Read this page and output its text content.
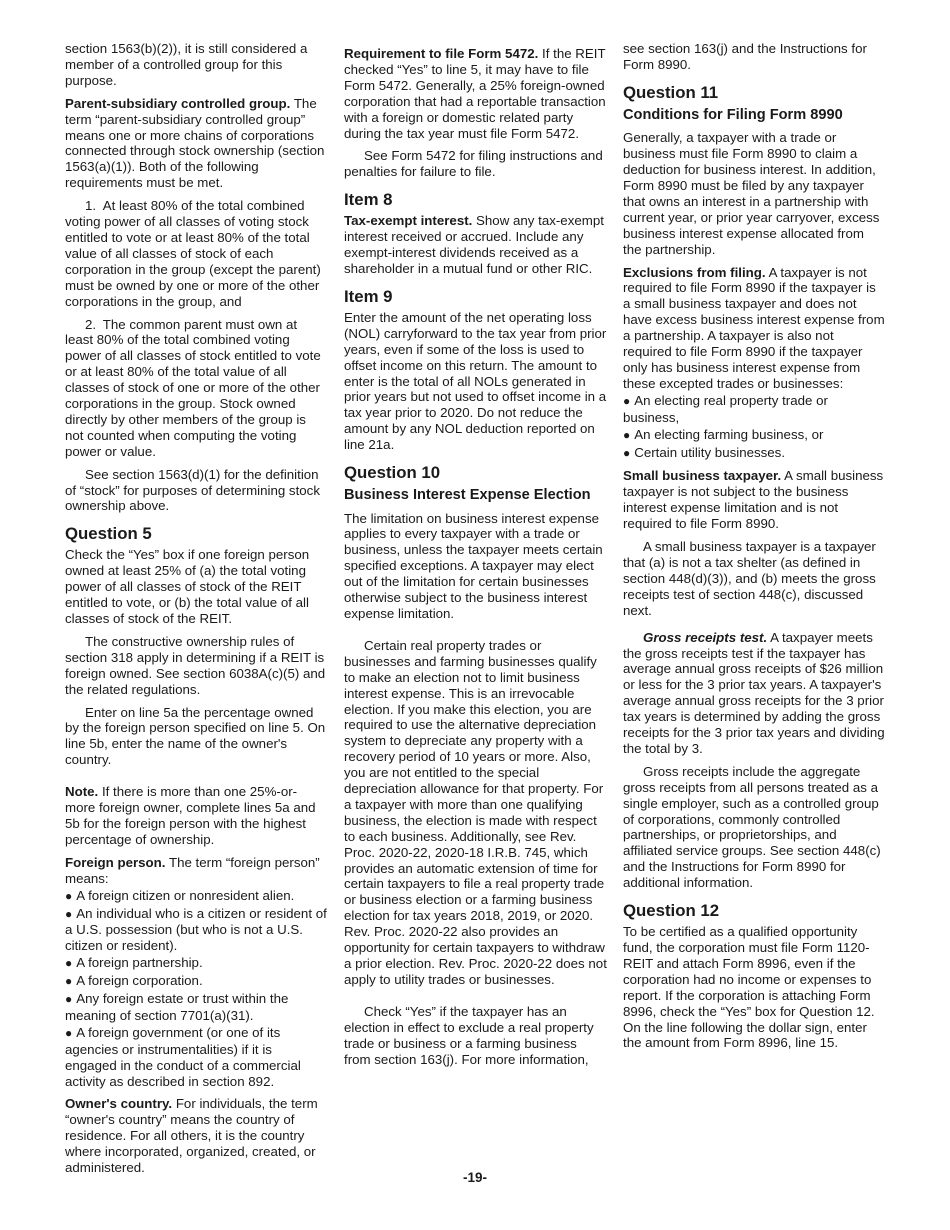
section 1563(b)(2)), it is still considered a member of a controlled group for this purpose.

Parent-subsidiary controlled group. The term “parent-subsidiary controlled group” means one or more chains of corporations connected through stock ownership (section 1563(a)(1)). Both of the following requirements must be met.

1. At least 80% of the total combined voting power of all classes of voting stock entitled to vote or at least 80% of the total value of all classes of stock of each corporation in the group (except the parent) must be owned by one or more of the other corporations in the group, and

2. The common parent must own at least 80% of the total combined voting power of all classes of stock entitled to vote or at least 80% of the total value of all classes of stock of one or more of the other corporations in the group. Stock owned directly by other members of the group is not counted when computing the voting power or value.

See section 1563(d)(1) for the definition of “stock” for purposes of determining stock ownership above.

Question 5

Check the “Yes” box if one foreign person owned at least 25% of (a) the total voting power of all classes of stock of the REIT entitled to vote, or (b) the total value of all classes of stock of the REIT.

The constructive ownership rules of section 318 apply in determining if a REIT is foreign owned. See section 6038A(c)(5) and the related regulations.

Enter on line 5a the percentage owned by the foreign person specified on line 5. On line 5b, enter the name of the owner's country.

Note. If there is more than one 25%-or-more foreign owner, complete lines 5a and 5b for the foreign person with the highest percentage of ownership.

Foreign person. The term “foreign person” means:

● A foreign citizen or nonresident alien.
● An individual who is a citizen or resident of a U.S. possession (but who is not a U.S. citizen or resident).
● A foreign partnership.
● A foreign corporation.
● Any foreign estate or trust within the meaning of section 7701(a)(31).
● A foreign government (or one of its agencies or instrumentalities) if it is engaged in the conduct of a commercial activity as described in section 892.

Owner's country. For individuals, the term “owner's country” means the country of residence. For all others, it is the country where incorporated, organized, created, or administered.

Requirement to file Form 5472. If the REIT checked “Yes” to line 5, it may have to file Form 5472. Generally, a 25% foreign-owned corporation that had a reportable transaction with a foreign or domestic related party during the tax year must file Form 5472.

See Form 5472 for filing instructions and penalties for failure to file.

Item 8

Tax-exempt interest. Show any tax-exempt interest received or accrued. Include any exempt-interest dividends received as a shareholder in a mutual fund or other RIC.

Item 9

Enter the amount of the net operating loss (NOL) carryforward to the tax year from prior years, even if some of the loss is used to offset income on this return. The amount to enter is the total of all NOLs generated in prior years but not used to offset income in a tax year prior to 2020. Do not reduce the amount by any NOL deduction reported on line 21a.

Question 10
Business Interest Expense Election

The limitation on business interest expense applies to every taxpayer with a trade or business, unless the taxpayer meets certain specified exceptions. A taxpayer may elect out of the limitation for certain businesses otherwise subject to the business interest expense limitation.

Certain real property trades or businesses and farming businesses qualify to make an election not to limit business interest expense. This is an irrevocable election. If you make this election, you are required to use the alternative depreciation system to depreciate any property with a recovery period of 10 years or more. Also, you are not entitled to the special depreciation allowance for that property. For a taxpayer with more than one qualifying business, the election is made with respect to each business. Additionally, see Rev. Proc. 2020-22, 2020-18 I.R.B. 745, which provides an automatic extension of time for certain taxpayers to file a real property trade or business election or a farming business election for tax years 2018, 2019, or 2020. Rev. Proc. 2020-22 also provides an opportunity for certain taxpayers to withdraw a prior election. Rev. Proc. 2020-22 does not apply to utility trades or businesses.

Check “Yes” if the taxpayer has an election in effect to exclude a real property trade or business or a farming business from section 163(j). For more information,

see section 163(j) and the Instructions for Form 8990.

Question 11
Conditions for Filing Form 8990

Generally, a taxpayer with a trade or business must file Form 8990 to claim a deduction for business interest. In addition, Form 8990 must be filed by any taxpayer that owns an interest in a partnership with current year, or prior year carryover, excess business interest expense allocated from the partnership.

Exclusions from filing. A taxpayer is not required to file Form 8990 if the taxpayer is a small business taxpayer and does not have excess business interest expense from a partnership. A taxpayer is also not required to file Form 8990 if the taxpayer only has business interest expense from these excepted trades or businesses:

● An electing real property trade or business,
● An electing farming business, or
● Certain utility businesses.

Small business taxpayer. A small business taxpayer is not subject to the business interest expense limitation and is not required to file Form 8990.

A small business taxpayer is a taxpayer that (a) is not a tax shelter (as defined in section 448(d)(3)), and (b) meets the gross receipts test of section 448(c), discussed next.

Gross receipts test. A taxpayer meets the gross receipts test if the taxpayer has average annual gross receipts of $26 million or less for the 3 prior tax years. A taxpayer's average annual gross receipts for the 3 prior tax years is determined by adding the gross receipts for the 3 prior tax years and dividing the total by 3.

Gross receipts include the aggregate gross receipts from all persons treated as a single employer, such as a controlled group of corporations, commonly controlled partnerships, or proprietorships, and affiliated service groups. See section 448(c) and the Instructions for Form 8990 for additional information.

Question 12

To be certified as a qualified opportunity fund, the corporation must file Form 1120-REIT and attach Form 8996, even if the corporation had no income or expenses to report. If the corporation is attaching Form 8996, check the “Yes” box for Question 12. On the line following the dollar sign, enter the amount from Form 8996, line 15.

-19-
